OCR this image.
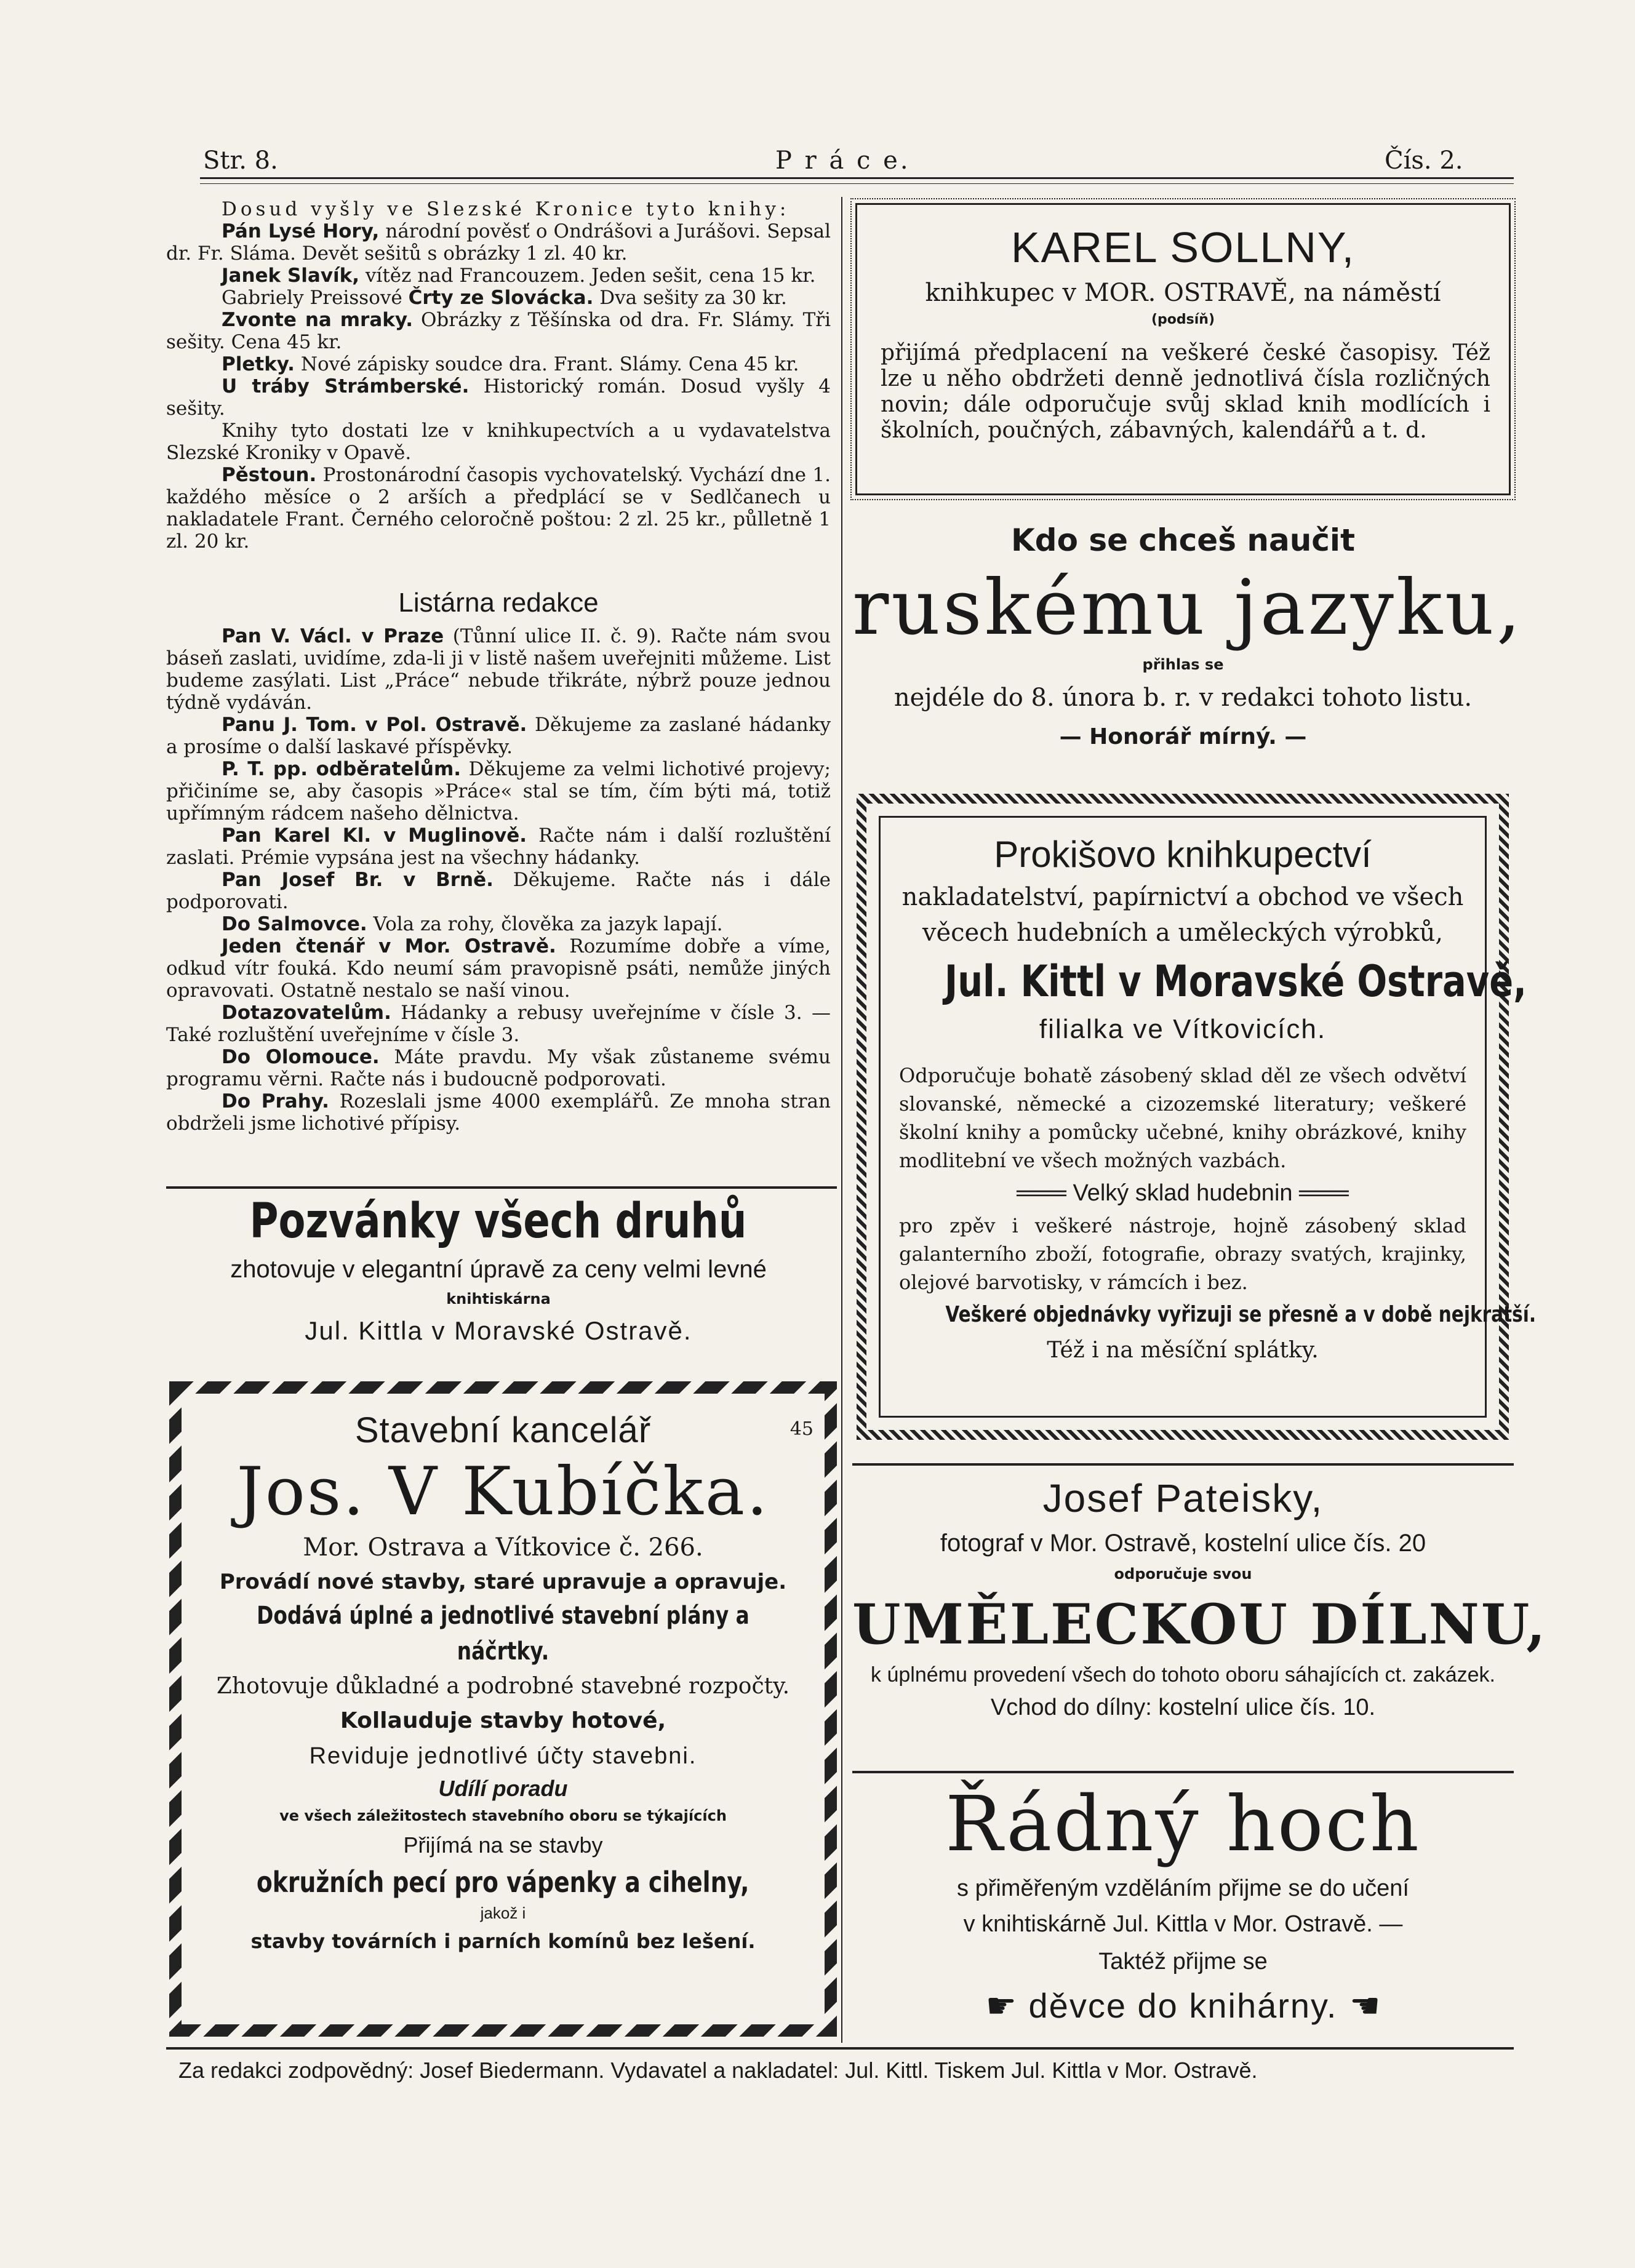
Str. 8.	P r á c e.	Čís. 2.

Dosud vyšly ve Slezské Kronice tyto knihy:

Pán Lysé Hory, národní pověsť o Ondrášovi a Jurášovi. Sepsal dr. Fr. Sláma. Devět sešitů s obrázky 1 zl. 40 kr.

Janek Slavík, vítěz nad Francouzem. Jeden sešit, cena 15 kr.

Gabriely Preissové Črty ze Slovácka. Dva sešity za 30 kr.

Zvonte na mraky. Obrázky z Těšínska od dra. Fr. Slámy. Tři sešity. Cena 45 kr.

Pletky. Nové zápisky soudce dra. Frant. Slámy. Cena 45 kr.

U tráby Strámberské. Historický román. Dosud vyšly 4 sešity.

Knihy tyto dostati lze v knihkupectvích a u vydavatelstva Slezské Kroniky v Opavě.

Pěstoun. Prostonárodní časopis vychovatelský. Vychází dne 1. každého měsíce o 2 arších a předplácí se v Sedlčanech u nakladatele Frant. Černého celoročně poštou: 2 zl. 25 kr., půlletně 1 zl. 20 kr.

Listárna redakce

Pan V. Václ. v Praze (Tůnní ulice II. č. 9). Račte nám svou báseň zaslati, uvidíme, zda-li ji v listě našem uveřejniti můžeme. List budeme zasýlati. List „Práce“ nebude třikráte, nýbrž pouze jednou týdně vydáván.

Panu J. Tom. v Pol. Ostravě. Děkujeme za zaslané hádanky a prosíme o další laskavé příspěvky.

P. T. pp. odběratelům. Děkujeme za velmi lichotivé projevy; přičiníme se, aby časopis »Práce« stal se tím, čím býti má, totiž upřímným rádcem našeho dělnictva.

Pan Karel Kl. v Muglinově. Račte nám i další rozluštění zaslati. Prémie vypsána jest na všechny hádanky.

Pan Josef Br. v Brně. Děkujeme. Račte nás i dále podporovati.

Do Salmovce. Vola za rohy, člověka za jazyk lapají.

Jeden čtenář v Mor. Ostravě. Rozumíme dobře a víme, odkud vítr fouká. Kdo neumí sám pravopisně psáti, nemůže jiných opravovati. Ostatně nestalo se naší vinou.

Dotazovatelům. Hádanky a rebusy uveřejníme v čísle 3. — Také rozluštění uveřejníme v čísle 3.

Do Olomouce. Máte pravdu. My však zůstaneme svému programu věrni. Račte nás i budoucně podporovati.

Do Prahy. Rozeslali jsme 4000 exemplářů. Ze mnoha stran obdrželi jsme lichotivé přípisy.

Pozvánky všech druhů
zhotovuje v elegantní úpravě za ceny velmi levné
knihtiskárna
Jul. Kittla v Moravské Ostravě.
45
Stavební kancelář
Jos. V Kubíčka.
Mor. Ostrava a Vítkovice č. 266.
Provádí nové stavby, staré upravuje a opravuje.
Dodává úplné a jednotlivé stavební plány a náčrtky.
Zhotovuje důkladné a podrobné stavebné rozpočty.
Kollauduje stavby hotové,
Reviduje jednotlivé účty stavebni.
Udílí poradu
ve všech záležitostech stavebního oboru se týkajících
Přijímá na se stavby
okružních pecí pro vápenky a cihelny,
jakož i
stavby továrních i parních komínů bez lešení.
KAREL SOLLNY,
knihkupec v MOR. OSTRAVĚ, na náměstí
(podsíň)
přijímá předplacení na veškeré české časopisy. Též lze u něho obdržeti denně jednotlivá čísla rozličných novin; dále odporučuje svůj sklad knih modlících i školních, poučných, zábavných, kalendářů a t. d.
Kdo se chceš naučit
ruskému jazyku,
přihlas se
nejdéle do 8. února b. r. v redakci tohoto listu.
— Honorář mírný. —
Prokišovo knihkupectví
nakladatelství, papírnictví a obchod ve všech
věcech hudebních a uměleckých výrobků,
Jul. Kittl v Moravské Ostravě,
filialka ve Vítkovicích.
Odporučuje bohatě zásobený sklad děl ze všech odvětví slovanské, německé a cizozemské literatury; veškeré školní knihy a pomůcky učebné, knihy obrázkové, knihy modlitební ve všech možných vazbách.
═══ Velký sklad hudebnin ═══
pro zpěv i veškeré nástroje, hojně zásobený sklad galanterního zboží, fotografie, obrazy svatých, krajinky, olejové barvotisky, v rámcích i bez.
Veškeré objednávky vyřizuji se přesně a v době nejkratší.
Též i na měsíční splátky.
Josef Pateisky,
fotograf v Mor. Ostravě, kostelní ulice čís. 20
odporučuje svou
UMĚLECKOU DÍLNU,
k úplnému provedení všech do tohoto oboru sáhajících ct. zakázek.
Vchod do dílny: kostelní ulice čís. 10.
Řádný hoch
s přiměřeným vzděláním přijme se do učení
v knihtiskárně Jul. Kittla v Mor. Ostravě. —
Taktéž přijme se
☛ děvce do knihárny. ☛
Za redakci zodpovědný: Josef Biedermann. Vydavatel a nakladatel: Jul. Kittl. Tiskem Jul. Kittla v Mor. Ostravě.
